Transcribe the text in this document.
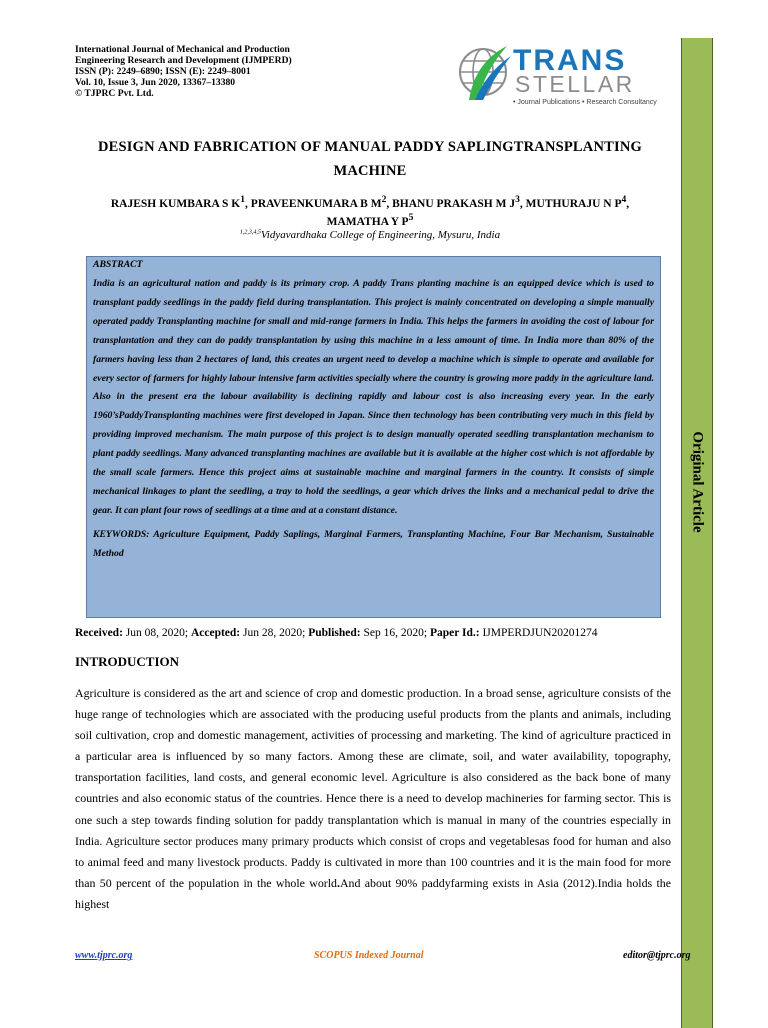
International Journal of Mechanical and Production
Engineering Research and Development (IJMPERD)
ISSN (P): 2249–6890; ISSN (E): 2249–8001
Vol. 10, Issue 3, Jun 2020, 13367–13380
© TJPRC Pvt. Ltd.
TRANS
STELLAR
• Journal Publications • Research Consultancy
DESIGN AND FABRICATION OF MANUAL PADDY SAPLINGTRANSPLANTING
MACHINE
RAJESH KUMBARA S $K^1$, PRAVEENKUMARA B $M^2$, BHANU PRAKASH M $J^3$, MUTHURAJU N $P^4$,
MAMATHA Y $P^5$
$^{1,2,3,4,5}$Vidyavardhaka College of Engineering, Mysuru, India
ABSTRACT
India is an agricultural nation and paddy is its primary crop. A paddy Trans planting machine is an equipped device which is used to transplant paddy seedlings in the paddy field during transplantation. This project is mainly concentrated on developing a simple manually operated paddy Transplanting machine for small and mid-range farmers in India. This helps the farmers in avoiding the cost of labour for transplantation and they can do paddy transplantation by using this machine in a less amount of time. In India more than 80% of the farmers having less than 2 hectares of land, this creates an urgent need to develop a machine which is simple to operate and available for every sector of farmers for highly labour intensive farm activities specially where the country is growing more paddy in the agriculture land. Also in the present era the labour availability is declining rapidly and labour cost is also increasing every year. In the early 1960’sPaddyTransplanting machines were first developed in Japan. Since then technology has been contributing very much in this field by providing improved mechanism. The main purpose of this project is to design manually operated seedling transplantation mechanism to plant paddy seedlings. Many advanced transplanting machines are available but it is available at the higher cost which is not affordable by the small scale farmers. Hence this project aims at sustainable machine and marginal farmers in the country. It consists of simple mechanical linkages to plant the seedling, a tray to hold the seedlings, a gear which drives the links and a mechanical pedal to drive the gear. It can plant four rows of seedlings at a time and at a constant distance.
KEYWORDS: Agriculture Equipment, Paddy Saplings, Marginal Farmers, Transplanting Machine, Four Bar Mechanism, Sustainable Method
Received: Jun 08, 2020; Accepted: Jun 28, 2020; Published: Sep 16, 2020; Paper Id.: IJMPERDJUN20201274
INTRODUCTION
Agriculture is considered as the art and science of crop and domestic production. In a broad sense, agriculture consists of the huge range of technologies which are associated with the producing useful products from the plants and animals, including soil cultivation, crop and domestic management, activities of processing and marketing. The kind of agriculture practiced in a particular area is influenced by so many factors. Among these are climate, soil, and water availability, topography, transportation facilities, land costs, and general economic level. Agriculture is also considered as the back bone of many countries and also economic status of the countries. Hence there is a need to develop machineries for farming sector. This is one such a step towards finding solution for paddy transplantation which is manual in many of the countries especially in India. Agriculture sector produces many primary products which consist of crops and vegetablesas food for human and also to animal feed and many livestock products. Paddy is cultivated in more than 100 countries and it is the main food for more than 50 percent of the population in the whole world.And about 90% paddyfarming exists in Asia (2012).India holds the highest
Original Article
www.tjprc.org	SCOPUS Indexed Journal	editor@tjprc.org
